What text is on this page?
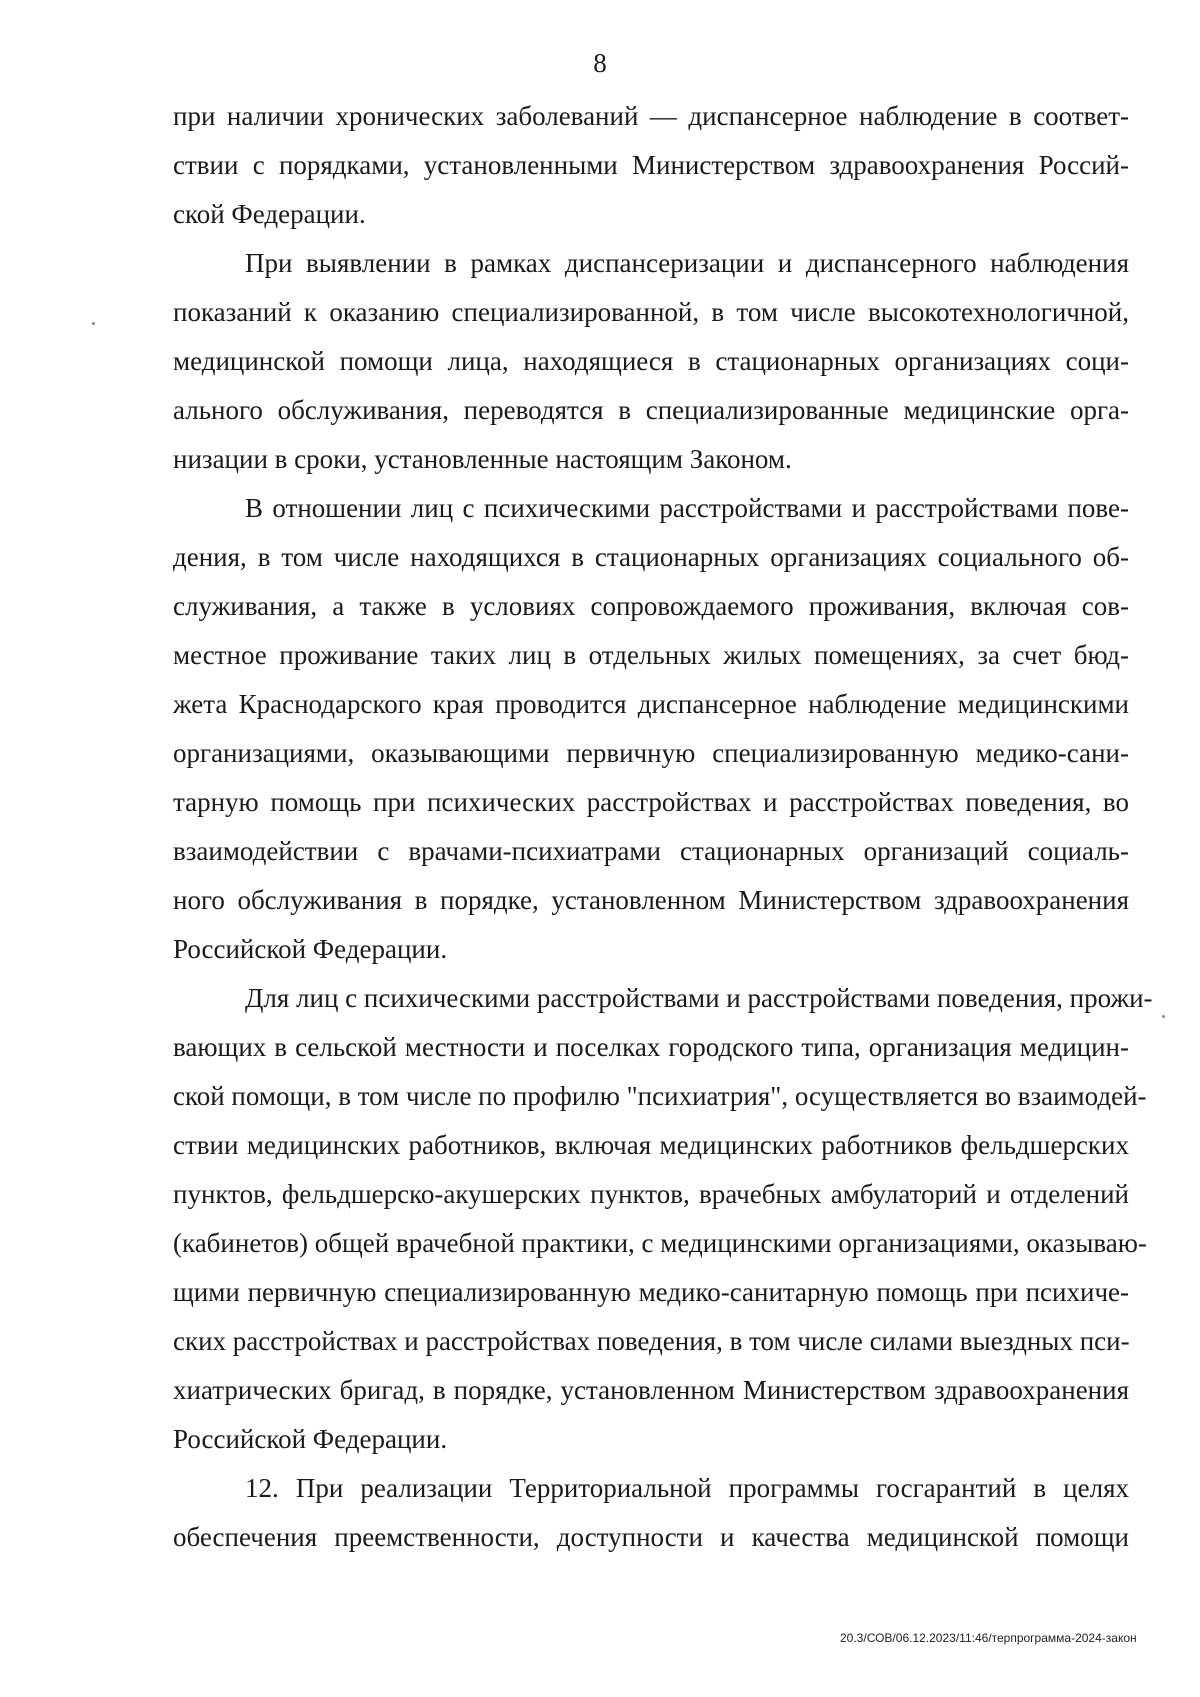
8
при наличии хронических заболеваний — диспансерное наблюдение в соответ-
ствии с порядками, установленными Министерством здравоохранения Россий-
ской Федерации.
При выявлении в рамках диспансеризации и диспансерного наблюдения
показаний к оказанию специализированной, в том числе высокотехнологичной,
медицинской помощи лица, находящиеся в стационарных организациях соци-
ального обслуживания, переводятся в специализированные медицинские орга-
низации в сроки, установленные настоящим Законом.
В отношении лиц с психическими расстройствами и расстройствами пове-
дения, в том числе находящихся в стационарных организациях социального об-
служивания, а также в условиях сопровождаемого проживания, включая сов-
местное проживание таких лиц в отдельных жилых помещениях, за счет бюд-
жета Краснодарского края проводится диспансерное наблюдение медицинскими
организациями, оказывающими первичную специализированную медико-сани-
тарную помощь при психических расстройствах и расстройствах поведения, во
взаимодействии с врачами-психиатрами стационарных организаций социаль-
ного обслуживания в порядке, установленном Министерством здравоохранения
Российской Федерации.
Для лиц с психическими расстройствами и расстройствами поведения, прожи-
вающих в сельской местности и поселках городского типа, организация медицин-
ской помощи, в том числе по профилю "психиатрия", осуществляется во взаимодей-
ствии медицинских работников, включая медицинских работников фельдшерских
пунктов, фельдшерско-акушерских пунктов, врачебных амбулаторий и отделений
(кабинетов) общей врачебной практики, с медицинскими организациями, оказываю-
щими первичную специализированную медико-санитарную помощь при психиче-
ских расстройствах и расстройствах поведения, в том числе силами выездных пси-
хиатрических бригад, в порядке, установленном Министерством здравоохранения
Российской Федерации.
12. При реализации Территориальной программы госгарантий в целях
обеспечения преемственности, доступности и качества медицинской помощи
20.3/СОВ/06.12.2023/11:46/терпрограмма-2024-закон
